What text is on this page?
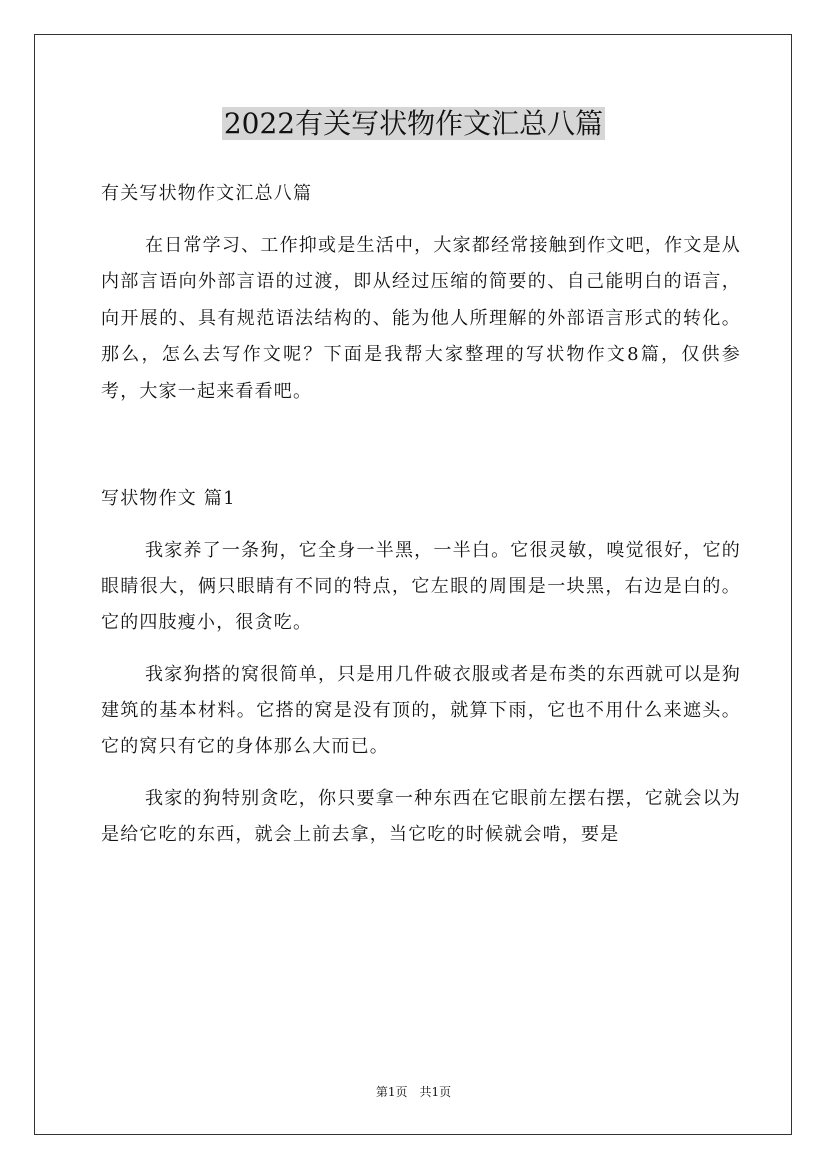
2022有关写状物作文汇总八篇

有关写状物作文汇总八篇

在日常学习、工作抑或是生活中，大家都经常接触到作文吧，作文是从内部言语向外部言语的过渡，即从经过压缩的简要的、自己能明白的语言，向开展的、具有规范语法结构的、能为他人所理解的外部语言形式的转化。那么，怎么去写作文呢？下面是我帮大家整理的写状物作文8篇，仅供参考，大家一起来看看吧。

写状物作文 篇1

我家养了一条狗，它全身一半黑，一半白。它很灵敏，嗅觉很好，它的眼睛很大，俩只眼睛有不同的特点，它左眼的周围是一块黑，右边是白的。它的四肢瘦小，很贪吃。

我家狗搭的窝很简单，只是用几件破衣服或者是布类的东西就可以是狗建筑的基本材料。它搭的窝是没有顶的，就算下雨，它也不用什么来遮头。它的窝只有它的身体那么大而已。

我家的狗特别贪吃，你只要拿一种东西在它眼前左摆右摆，它就会以为是给它吃的东西，就会上前去拿，当它吃的时候就会啃，要是

第1页 共1页
